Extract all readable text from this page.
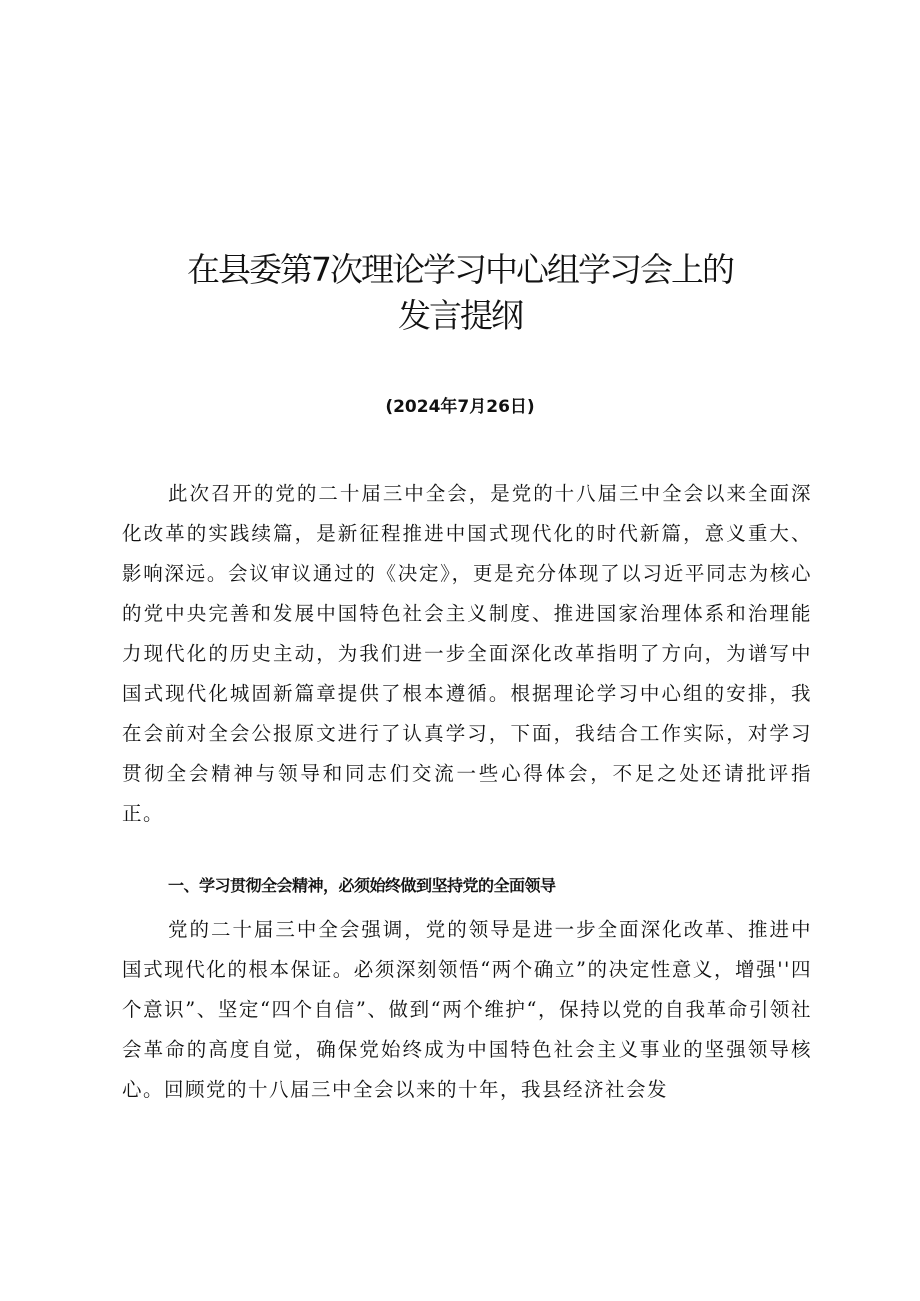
在县委第7次理论学习中心组学习会上的
发言提纲
(2024年7月26日)

此次召开的党的二十届三中全会，是党的十八届三中全会以来全面深化改革的实践续篇，是新征程推进中国式现代化的时代新篇，意义重大、影响深远。会议审议通过的《决定》，更是充分体现了以习近平同志为核心的党中央完善和发展中国特色社会主义制度、推进国家治理体系和治理能力现代化的历史主动，为我们进一步全面深化改革指明了方向，为谱写中国式现代化城固新篇章提供了根本遵循。根据理论学习中心组的安排，我在会前对全会公报原文进行了认真学习，下面，我结合工作实际，对学习贯彻全会精神与领导和同志们交流一些心得体会，不足之处还请批评指正。

一、学习贯彻全会精神，必须始终做到坚持党的全面领导

党的二十届三中全会强调，党的领导是进一步全面深化改革、推进中国式现代化的根本保证。必须深刻领悟“两个确立”的决定性意义，增强''四个意识”、坚定“四个自信”、做到“两个维护“，保持以党的自我革命引领社会革命的高度自觉，确保党始终成为中国特色社会主义事业的坚强领导核心。回顾党的十八届三中全会以来的十年，我县经济社会发
